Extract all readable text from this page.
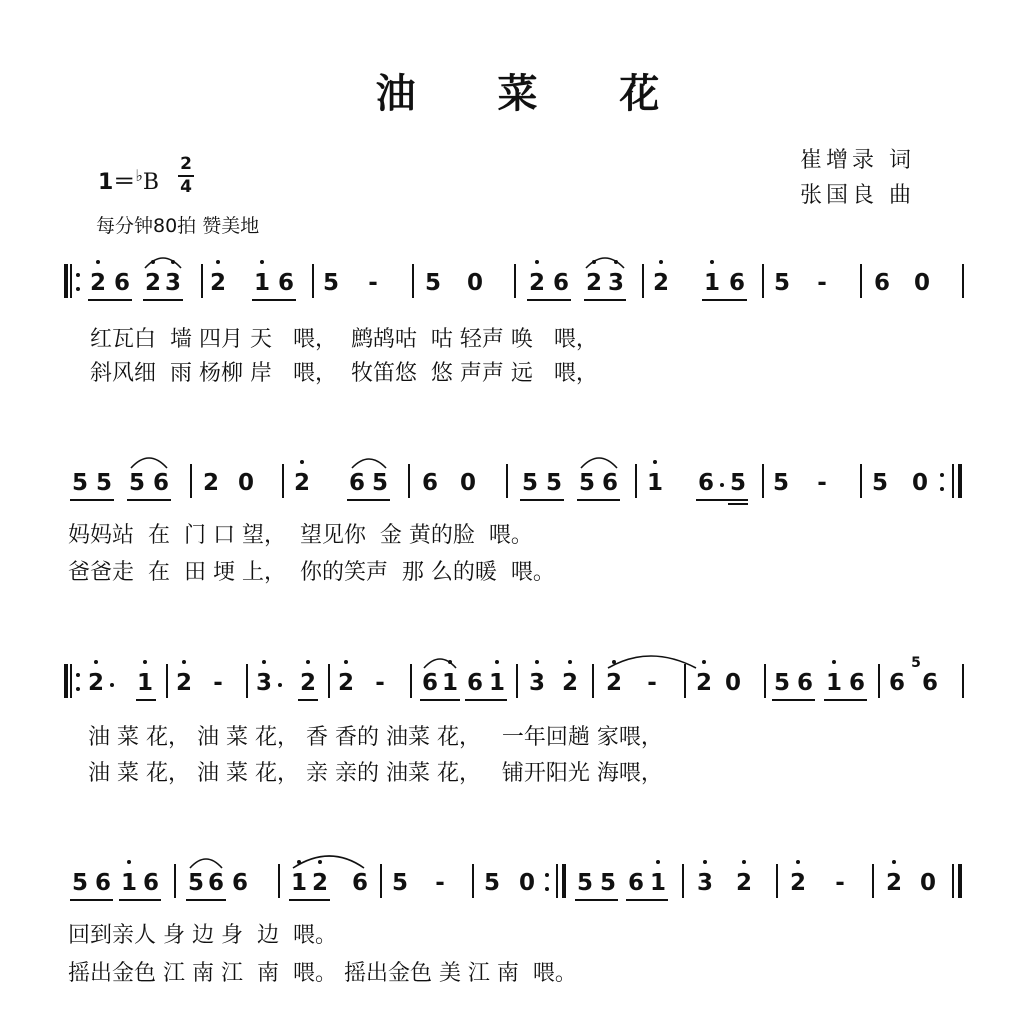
油 菜 花
崔增录 词
张国良 曲
1＝♭B
2
4
每分钟80拍 赞美地
2 6 2 3 2 1 6 5 - 5 0 2 6 2 3 2 1 6 5 - 6 0
红瓦白  墙 四月 天   喂，  鹧鸪咕  咕 轻声 唤   喂，
斜风细  雨 杨柳 岸   喂，  牧笛悠  悠 声声 远   喂，
5 5 5 6 2 0 2 6 5 6 0 5 5 5 6 1 6 5 5 - 5 0
妈妈站  在  门 口 望，  望见你  金 黄的脸  喂。
爸爸走  在  田 埂 上，  你的笑声  那 么的暖  喂。
2 1 2 - 3 2 2 - 6 1 6 1 3 2 2 - 2 0 5 6 1 6 6 6
5
油 菜 花， 油 菜 花， 香 香的 油菜 花，   一年回趟 家喂，
油 菜 花， 油 菜 花， 亲 亲的 油菜 花，   铺开阳光 海喂，
5 6 1 6 5 6 6 1 2 6 5 - 5 0 5 5 6 1 3 2 2 - 2 0
回到亲人 身 边 身  边  喂。
摇出金色 江 南 江  南  喂。 摇出金色 美 江 南  喂。
